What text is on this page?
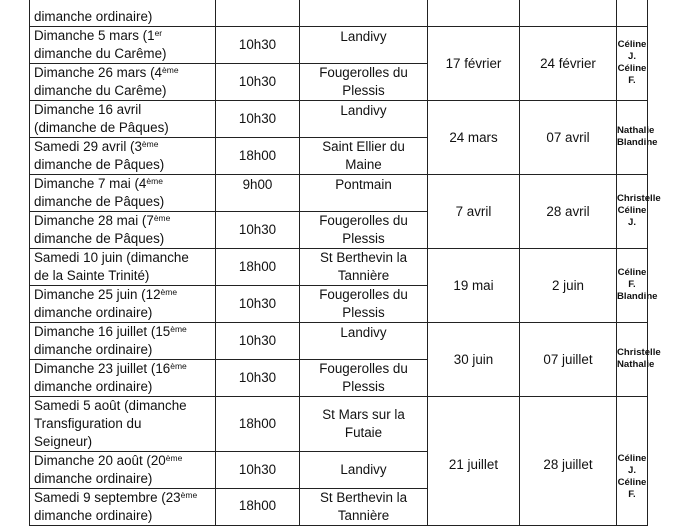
dimanche ordinaire)					

Dimanche 5 mars (1er
dimanche du Carême)	10h30	Landivy	17 février	24 février	Céline J.
Céline F.

Dimanche 26 mars (4ème
dimanche du Carême)	10h30	Fougerolles du
Plessis			

Dimanche 16 avril
(dimanche de Pâques)	10h30	Landivy	24 mars	07 avril	Nathalie
Blandine

Samedi 29 avril (3ème
dimanche de Pâques)	18h00	Saint Ellier du
Maine			

Dimanche 7 mai (4ème
dimanche de Pâques)	9h00	Pontmain	7 avril	28 avril	Christelle
Céline J.

Dimanche 28 mai (7ème
dimanche de Pâques)	10h30	Fougerolles du
Plessis			

Samedi 10 juin (dimanche
de la Sainte Trinité)	18h00	St Berthevin la
Tannière	19 mai	2 juin	Céline F.
Blandine

Dimanche 25 juin (12ème
dimanche ordinaire)	10h30	Fougerolles du
Plessis			

Dimanche 16 juillet (15ème
dimanche ordinaire)	10h30	Landivy	30 juin	07 juillet	Christelle
Nathalie

Dimanche 23 juillet (16ème
dimanche ordinaire)	10h30	Fougerolles du
Plessis			

Samedi 5 août (dimanche
Transfiguration du
Seigneur)	18h00	St Mars sur la
Futaie	21 juillet	28 juillet	Céline J.
Céline F.

Dimanche 20 août (20ème
dimanche ordinaire)	10h30	Landivy			

Samedi 9 septembre (23ème
dimanche ordinaire)	18h00	St Berthevin la
Tannière			
